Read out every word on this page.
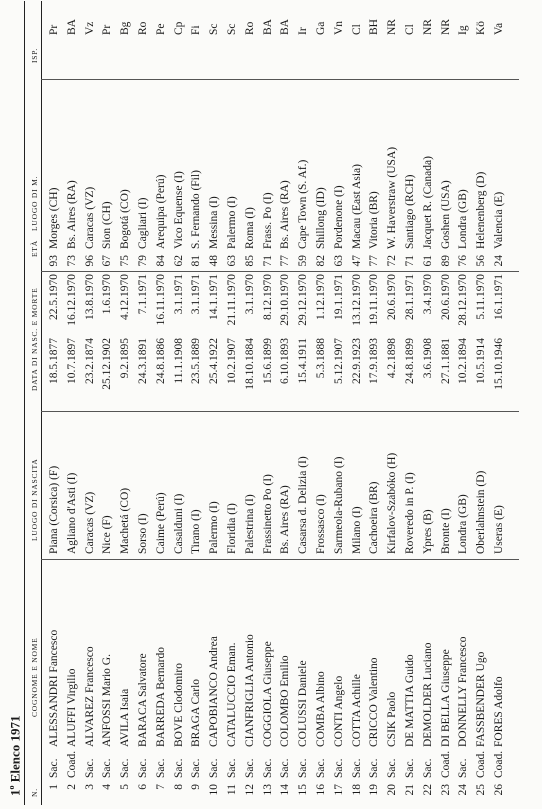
1$^o$ Elenco 1971
N.
COGNOME E NOME
LUOGO DI NASCITA
DATA DI NASC. E MORTE
ETÀ
LUOGO DI M.
ISP.
1
Sac.
ALESSANDRI Fancesco
Piana (Corsica) (F)
18.5.1877
22.5.1970
93
Morges (CH)
Pr
2
Coad.
ALUFFI Virgilio
Agliano d'Asti (I)
10.7.1897
16.12.1970
73
Bs. Aires (RA)
BA
3
Sac.
ALVAREZ Francesco
Caracas (VZ)
23.2.1874
13.8.1970
96
Caracas (VZ)
Vz
4
Sac.
ANFOSSI Mario G.
Nice (F)
25.12.1902
1.6.1970
67
Sion (CH)
Pr
5
Sac.
AVILA Isaia
Machetá (CO)
9.2.1895
4.12.1970
75
Bogotá (CO)
Bg
6
Sac.
BARACA Salvatore
Sorso (I)
24.3.1891
7.1.1971
79
Cagliari (I)
Ro
7
Sac.
BARREDA Bernardo
Caime (Perú)
24.8.1886
16.11.1970
84
Arequipa (Perú)
Pe
8
Sac.
BOVE Clodomiro
Casalduni (I)
11.1.1908
3.1.1971
62
Vico Equense (I)
Cp
9
Sac.
BRAGA Carlo
Tirano (I)
23.5.1889
3.1.1971
81
S. Fernando (Fil)
Fi
10
Sac.
CAPOBIANCO Andrea
Palermo (I)
25.4.1922
14.1.1971
48
Messina (I)
Sc
11
Sac.
CATALUCCIO Eman.
Floridia (I)
10.2.1907
21.11.1970
63
Palermo (I)
Sc
12
Sac.
CIANFRIGLIA Antonio
Palestrina (I)
18.10.1884
3.1.1970
85
Roma (I)
Ro
13
Sac.
COGGIOLA Giuseppe
Frassinetto Po (I)
15.6.1899
8.12.1970
71
Frass. Po (I)
BA
14
Sac.
COLOMBO Emilio
Bs. Aires (RA)
6.10.1893
29.10.1970
77
Bs. Aires (RA)
BA
15
Sac.
COLUSSI Daniele
Casarsa d. Delizia (I)
15.4.1911
29.12.1970
59
Cape Town (S. Af.)
Ir
16
Sac.
COMBA Albino
Frossasco (I)
5.3.1888
1.12.1970
82
Shillong (ID)
Ga
17
Sac.
CONTI Angelo
Sarmeola-Rubano (I)
5.12.1907
19.1.1971
63
Pordenone (I)
Vn
18
Sac.
COTTA Achille
Milano (I)
22.9.1923
13.12.1970
47
Macau (East Asia)
Cl
19
Sac.
CRICCO Valentino
Cachoeira (BR)
17.9.1893
19.11.1970
77
Vitoria (BR)
BH
20
Sac.
CSIK Paolo
Kirfalov-Szabóko (H)
4.2.1898
20.6.1970
72
W. Haverstraw (USA)
NR
21
Sac.
DE MATTIA Guido
Roveredo in P. (I)
24.8.1899
28.1.1971
71
Santiago (RCH)
Cl
22
Sac.
DEMOLDER Luciano
Ypres (B)
3.6.1908
3.4.1970
61
Jacquet R. (Canada)
NR
23
Coad.
DI BELLA Giuseppe
Bronte (I)
27.1.1881
20.6.1970
89
Goshen (USA)
NR
24
Sac.
DONNELLY Francesco
Londra (GB)
10.2.1894
28.12.1970
76
Londra (GB)
Ig
25
Coad.
FASSBENDER Ugo
Oberlahnstein (D)
10.5.1914
5.11.1970
56
Helenenberg (D)
Kö
26
Coad.
FORES Adolfo
Useras (E)
15.10.1946
16.1.1971
24
Valencia (E)
Va
